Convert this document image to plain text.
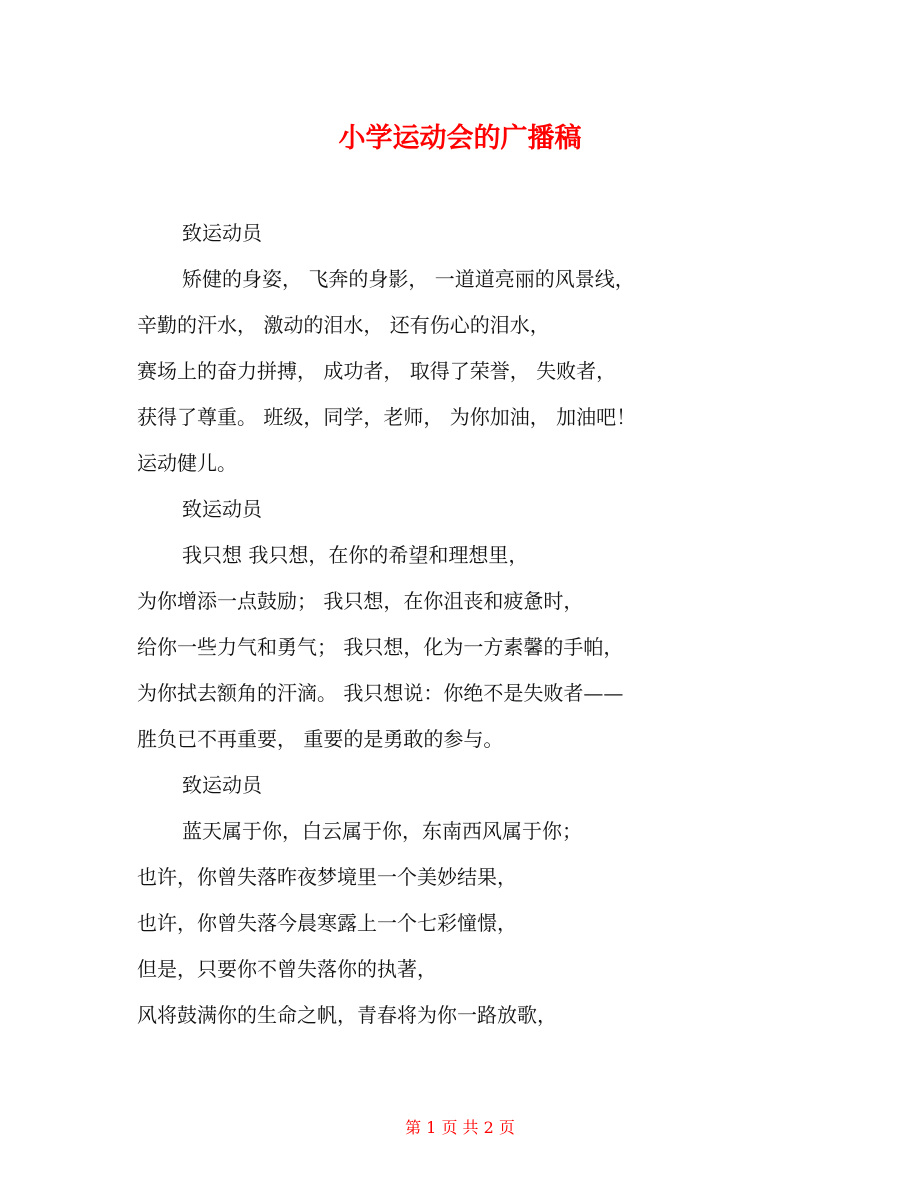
小学运动会的广播稿
致运动员
矫健的身姿， 飞奔的身影， 一道道亮丽的风景线，
辛勤的汗水， 激动的泪水， 还有伤心的泪水，
赛场上的奋力拼搏， 成功者， 取得了荣誉， 失败者，
获得了尊重。 班级，同学，老师， 为你加油， 加油吧！
运动健儿。
致运动员
我只想 我只想，在你的希望和理想里，
为你增添一点鼓励； 我只想，在你沮丧和疲惫时，
给你一些力气和勇气； 我只想，化为一方素馨的手帕，
为你拭去额角的汗滴。 我只想说：你绝不是失败者——
胜负已不再重要， 重要的是勇敢的参与。
致运动员
蓝天属于你，白云属于你，东南西风属于你；
也许，你曾失落昨夜梦境里一个美妙结果，
也许，你曾失落今晨寒露上一个七彩憧憬，
但是，只要你不曾失落你的执著，
风将鼓满你的生命之帆，青春将为你一路放歌，
第 1 页 共 2 页
